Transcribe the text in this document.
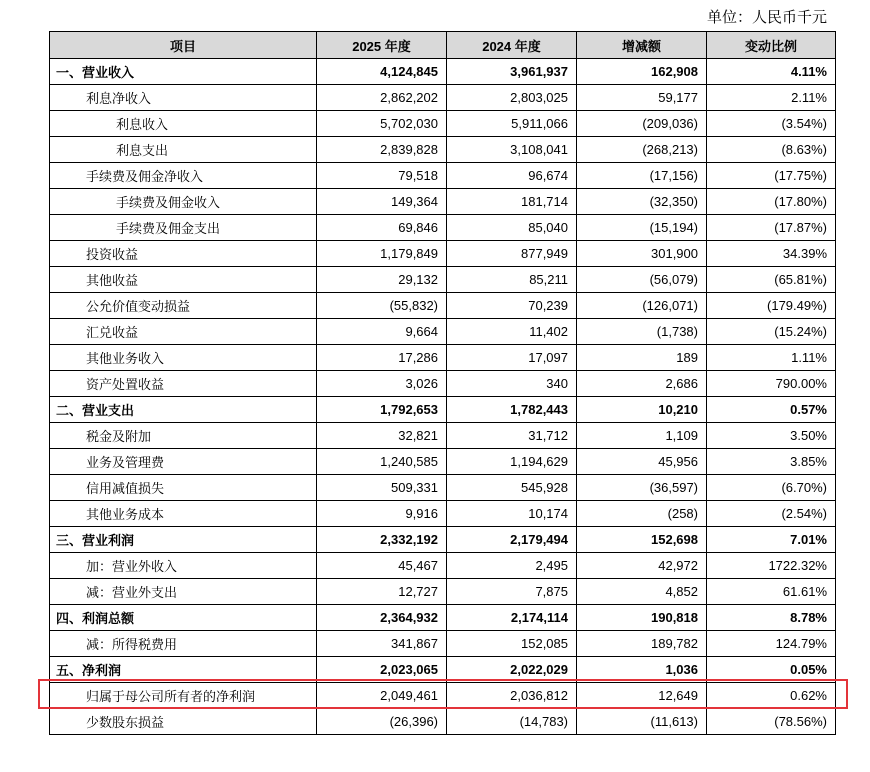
单位：人民币千元
项目	2025 年度	2024 年度	增减额	变动比例
一、营业收入	4,124,845	3,961,937	162,908	4.11%
利息净收入	2,862,202	2,803,025	59,177	2.11%
利息收入	5,702,030	5,911,066	(209,036)	(3.54%)
利息支出	2,839,828	3,108,041	(268,213)	(8.63%)
手续费及佣金净收入	79,518	96,674	(17,156)	(17.75%)
手续费及佣金收入	149,364	181,714	(32,350)	(17.80%)
手续费及佣金支出	69,846	85,040	(15,194)	(17.87%)
投资收益	1,179,849	877,949	301,900	34.39%
其他收益	29,132	85,211	(56,079)	(65.81%)
公允价值变动损益	(55,832)	70,239	(126,071)	(179.49%)
汇兑收益	9,664	11,402	(1,738)	(15.24%)
其他业务收入	17,286	17,097	189	1.11%
资产处置收益	3,026	340	2,686	790.00%
二、营业支出	1,792,653	1,782,443	10,210	0.57%
税金及附加	32,821	31,712	1,109	3.50%
业务及管理费	1,240,585	1,194,629	45,956	3.85%
信用减值损失	509,331	545,928	(36,597)	(6.70%)
其他业务成本	9,916	10,174	(258)	(2.54%)
三、营业利润	2,332,192	2,179,494	152,698	7.01%
加：营业外收入	45,467	2,495	42,972	1722.32%
减：营业外支出	12,727	7,875	4,852	61.61%
四、利润总额	2,364,932	2,174,114	190,818	8.78%
减：所得税费用	341,867	152,085	189,782	124.79%
五、净利润	2,023,065	2,022,029	1,036	0.05%
归属于母公司所有者的净利润	2,049,461	2,036,812	12,649	0.62%
少数股东损益	(26,396)	(14,783)	(11,613)	(78.56%)
